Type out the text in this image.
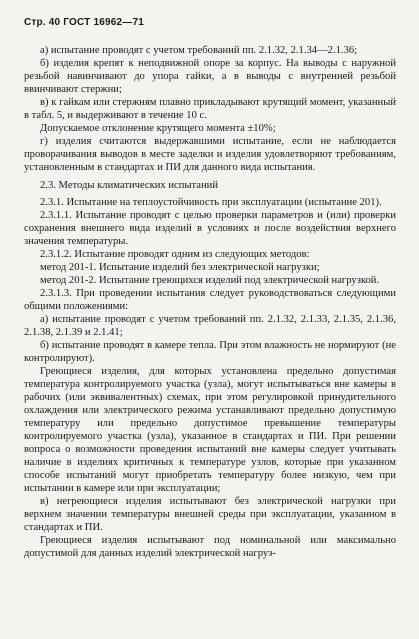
Стр. 40 ГОСТ 16962—71

а) испытание проводят с учетом требований пп. 2.1.32, 2.1.34—2.1.36;

б) изделия крепят к неподвижной опоре за корпус. На выводы с наружной резьбой навинчивают до упора гайки, а в выводы с внутренней резьбой ввинчивают стержни;

в) к гайкам или стержням плавно прикладывают крутящий момент, указанный в табл. 5, и выдерживают в течение 10 с.

Допускаемое отклонение крутящего момента ±10%;

г) изделия считаются выдержавшими испытание, если не наблюдается проворачивания выводов в месте заделки и изделия удовлетворяют требованиям, установленным в стандартах и ПИ для данного вида испытания.

2.3. Методы климатических испытаний

2.3.1. Испытание на теплоустойчивость при эксплуатации (испытание 201).

2.3.1.1. Испытание проводят с целью проверки параметров и (или) проверки сохранения внешнего вида изделий в условиях и после воздействия верхнего значения температуры.

2.3.1.2. Испытание проводят одним из следующих методов:

метод 201-1. Испытание изделий без электрической нагрузки;

метод 201-2. Испытание греющихся изделий под электрической нагрузкой.

2.3.1.3. При проведении испытания следует руководствоваться следующими общими положениями:

а) испытание проводят с учетом требований пп. 2.1.32, 2.1.33, 2.1.35, 2.1.36, 2.1.38, 2.1.39 и 2.1.41;

б) испытание проводят в камере тепла. При этом влажность не нормируют (не контролируют).

Греющиеся изделия, для которых установлена предельно допустимая температура контролируемого участка (узла), могут испытываться вне камеры в рабочих (или эквивалентных) схемах, при этом регулировкой принудительного охлаждения или электрического режима устанавливают предельно допустимую температуру или предельно допустимое превышение температуры контролируемого участка (узла), указанное в стандартах и ПИ. При решении вопроса о возможности проведения испытаний вне камеры следует учитывать наличие в изделиях критичных к температуре узлов, которые при указанном способе испытаний могут приобретать температуру более низкую, чем при испытании в камере или при эксплуатации;

в) негреющиеся изделия испытывают без электрической нагрузки при верхнем значении температуры внешней среды при эксплуатации, указанном в стандартах и ПИ.

Греющиеся изделия испытывают под номинальной или максимально допустимой для данных изделий электрической нагруз-
